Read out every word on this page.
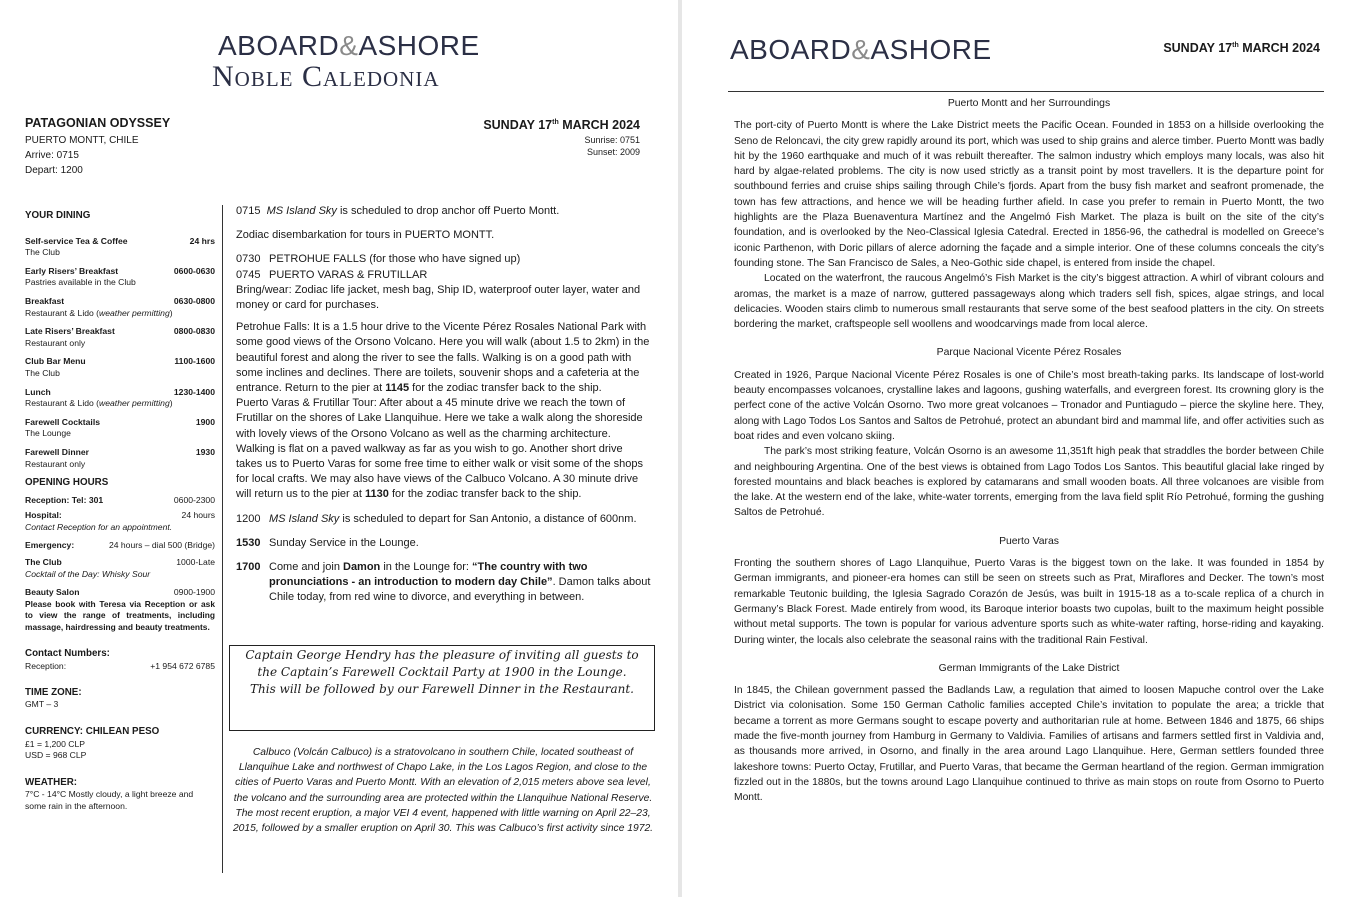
ABOARD&ASHORE
Noble Caledonia
PATAGONIAN ODYSSEY
PUERTO MONTT, CHILE
Arrive: 0715
Depart: 1200
SUNDAY 17th MARCH 2024
Sunrise: 0751
Sunset: 2009
YOUR DINING
Self-service Tea & Coffee	24 hrs
The Club
Early Risers’ Breakfast	0600-0630
Pastries available in the Club
Breakfast	0630-0800
Restaurant & Lido (weather permitting)
Late Risers’ Breakfast	0800-0830
Restaurant only
Club Bar Menu	1100-1600
The Club
Lunch	1230-1400
Restaurant & Lido (weather permitting)
Farewell Cocktails	1900
The Lounge
Farewell Dinner	1930
Restaurant only
OPENING HOURS
Reception: Tel: 301	0600-2300
Hospital:	24 hours
Contact Reception for an appointment.
Emergency:	24 hours – dial 500 (Bridge)
The Club	1000-Late
Cocktail of the Day: Whisky Sour
Beauty Salon	0900-1900
Please book with Teresa via Reception or ask to view the range of treatments, including massage, hairdressing and beauty treatments.
Contact Numbers:
Reception:	+1 954 672 6785
TIME ZONE:
GMT – 3
CURRENCY: CHILEAN PESO
£1 = 1,200 CLP
USD = 968 CLP
WEATHER:
7°C - 14°C Mostly cloudy, a light breeze and some rain in the afternoon.

0715 MS Island Sky is scheduled to drop anchor off Puerto Montt.

Zodiac disembarkation for tours in PUERTO MONTT.

0730 PETROHUE FALLS (for those who have signed up)

0745 PUERTO VARAS & FRUTILLAR

Bring/wear: Zodiac life jacket, mesh bag, Ship ID, waterproof outer layer, water and money or card for purchases.

Petrohue Falls: It is a 1.5 hour drive to the Vicente Pérez Rosales National Park with some good views of the Orsono Volcano. Here you will walk (about 1.5 to 2km) in the beautiful forest and along the river to see the falls. Walking is on a good path with some inclines and declines. There are toilets, souvenir shops and a cafeteria at the entrance. Return to the pier at 1145 for the zodiac transfer back to the ship.

Puerto Varas & Frutillar Tour: After about a 45 minute drive we reach the town of Frutillar on the shores of Lake Llanquihue. Here we take a walk along the shoreside with lovely views of the Orsono Volcano as well as the charming architecture. Walking is flat on a paved walkway as far as you wish to go. Another short drive takes us to Puerto Varas for some free time to either walk or visit some of the shops for local crafts. We may also have views of the Calbuco Volcano. A 30 minute drive will return us to the pier at 1130 for the zodiac transfer back to the ship.

1200 MS Island Sky is scheduled to depart for San Antonio, a distance of 600nm.

1530 Sunday Service in the Lounge.

1700 Come and join Damon in the Lounge for: “The country with two pronunciations - an introduction to modern day Chile”. Damon talks about Chile today, from red wine to divorce, and everything in between.

Captain George Hendry has the pleasure of inviting all guests to the Captain’s Farewell Cocktail Party at 1900 in the Lounge.
This will be followed by our Farewell Dinner in the Restaurant.

Calbuco (Volcán Calbuco) is a stratovolcano in southern Chile, located southeast of Llanquihue Lake and northwest of Chapo Lake, in the Los Lagos Region, and close to the cities of Puerto Varas and Puerto Montt. With an elevation of 2,015 meters above sea level, the volcano and the surrounding area are protected within the Llanquihue National Reserve.

The most recent eruption, a major VEI 4 event, happened with little warning on April 22–23, 2015, followed by a smaller eruption on April 30. This was Calbuco’s first activity since 1972.

ABOARD&ASHORE	SUNDAY 17th MARCH 2024
Puerto Montt and her Surroundings

The port-city of Puerto Montt is where the Lake District meets the Pacific Ocean. Founded in 1853 on a hillside overlooking the Seno de Reloncavi, the city grew rapidly around its port, which was used to ship grains and alerce timber. Puerto Montt was badly hit by the 1960 earthquake and much of it was rebuilt thereafter. The salmon industry which employs many locals, was also hit hard by algae-related problems. The city is now used strictly as a transit point by most travellers. It is the departure point for southbound ferries and cruise ships sailing through Chile’s fjords. Apart from the busy fish market and seafront promenade, the town has few attractions, and hence we will be heading further afield. In case you prefer to remain in Puerto Montt, the two highlights are the Plaza Buenaventura Martínez and the Angelmó Fish Market. The plaza is built on the site of the city’s foundation, and is overlooked by the Neo-Classical Iglesia Catedral. Erected in 1856-96, the cathedral is modelled on Greece’s iconic Parthenon, with Doric pillars of alerce adorning the façade and a simple interior. One of these columns conceals the city’s founding stone. The San Francisco de Sales, a Neo-Gothic side chapel, is entered from inside the chapel.

Located on the waterfront, the raucous Angelmó’s Fish Market is the city’s biggest attraction. A whirl of vibrant colours and aromas, the market is a maze of narrow, guttered passageways along which traders sell fish, spices, algae strings, and local delicacies. Wooden stairs climb to numerous small restaurants that serve some of the best seafood platters in the city. On streets bordering the market, craftspeople sell woollens and woodcarvings made from local alerce.

Parque Nacional Vicente Pérez Rosales

Created in 1926, Parque Nacional Vicente Pérez Rosales is one of Chile’s most breath-taking parks. Its landscape of lost-world beauty encompasses volcanoes, crystalline lakes and lagoons, gushing waterfalls, and evergreen forest. Its crowning glory is the perfect cone of the active Volcán Osorno. Two more great volcanoes – Tronador and Puntiagudo – pierce the skyline here. They, along with Lago Todos Los Santos and Saltos de Petrohué, protect an abundant bird and mammal life, and offer activities such as boat rides and even volcano skiing.

The park’s most striking feature, Volcán Osorno is an awesome 11,351ft high peak that straddles the border between Chile and neighbouring Argentina. One of the best views is obtained from Lago Todos Los Santos. This beautiful glacial lake ringed by forested mountains and black beaches is explored by catamarans and small wooden boats. All three volcanoes are visible from the lake. At the western end of the lake, white-water torrents, emerging from the lava field split Río Petrohué, forming the gushing Saltos de Petrohué.

Puerto Varas

Fronting the southern shores of Lago Llanquihue, Puerto Varas is the biggest town on the lake. It was founded in 1854 by German immigrants, and pioneer-era homes can still be seen on streets such as Prat, Miraflores and Decker. The town’s most remarkable Teutonic building, the Iglesia Sagrado Corazón de Jesús, was built in 1915-18 as a to-scale replica of a church in Germany’s Black Forest. Made entirely from wood, its Baroque interior boasts two cupolas, built to the maximum height possible without metal supports. The town is popular for various adventure sports such as white-water rafting, horse-riding and kayaking. During winter, the locals also celebrate the seasonal rains with the traditional Rain Festival.

German Immigrants of the Lake District

In 1845, the Chilean government passed the Badlands Law, a regulation that aimed to loosen Mapuche control over the Lake District via colonisation. Some 150 German Catholic families accepted Chile’s invitation to populate the area; a trickle that became a torrent as more Germans sought to escape poverty and authoritarian rule at home. Between 1846 and 1875, 66 ships made the five-month journey from Hamburg in Germany to Valdivia. Families of artisans and farmers settled first in Valdivia and, as thousands more arrived, in Osorno, and finally in the area around Lago Llanquihue. Here, German settlers founded three lakeshore towns: Puerto Octay, Frutillar, and Puerto Varas, that became the German heartland of the region. German immigration fizzled out in the 1880s, but the towns around Lago Llanquihue continued to thrive as main stops on route from Osorno to Puerto Montt.
